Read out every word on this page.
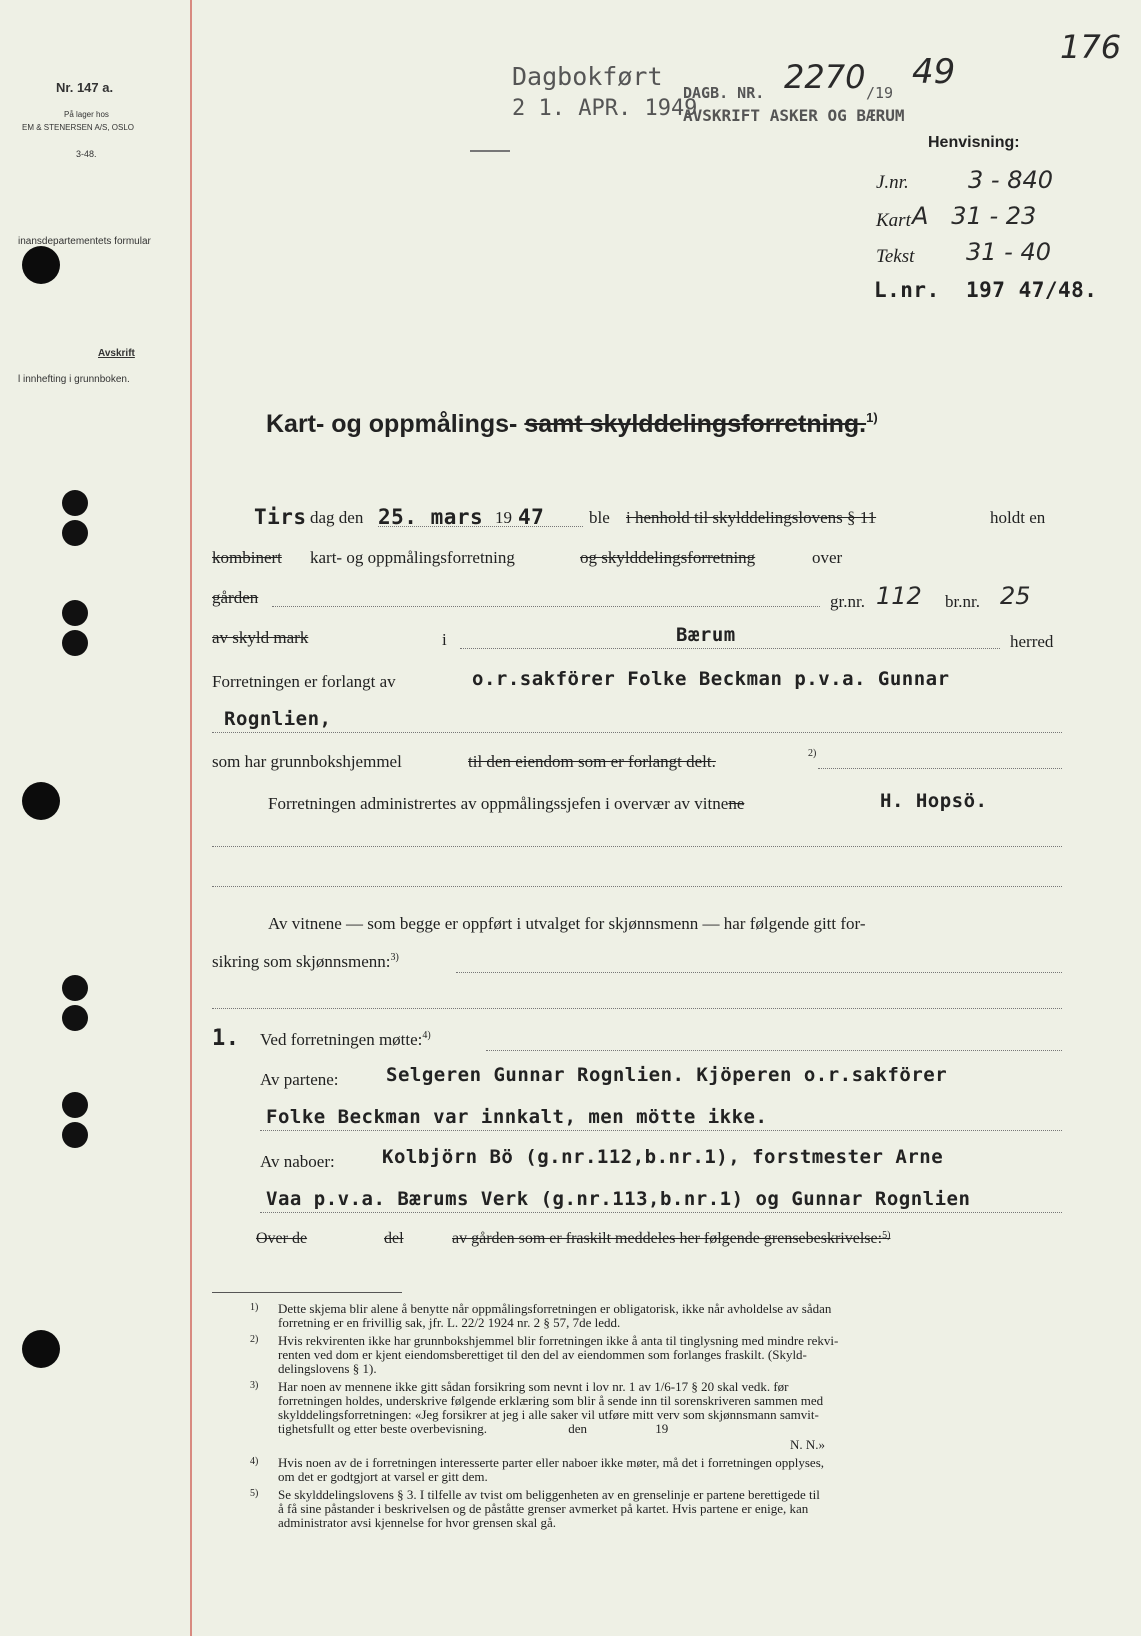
Nr. 147 a.
På lager hos
EM & STENERSEN A/S, OSLO
3-48.
inansdepartementets formular
Avskrift
l innhefting i grunnboken.
176
Dagbokført
2 1. APR. 1949
DAGB. NR. 2270 /19
49
AVSKRIFT ASKER OG BÆRUM
Henvisning:
J.nr. 3 - 840
Kart A   31 - 23
Tekst 31 - 40
L.nr. 197 47/48.
Kart- og oppmålings- samt skylddelingsforretning.$^{1)}$
Tirs dag den 25. mars 19 47	ble i henhold til skylddelingslovens § 11	holdt en
kombinert kart- og oppmålingsforretning	og skylddelingsforretning	over
gården	gr.nr. 112 br.nr. 25
av skyld mark	i	Bærum	herred
Forretningen er forlangt av	o.r.sakförer Folke Beckman p.v.a. Gunnar
Rognlien,
som har grunnbokshjemmel	til den eiendom som er forlangt delt.	2)
Forretningen administrertes av oppmålingssjefen i overvær av vitnene	H. Hopsö.
Av vitnene — som begge er oppført i utvalget for skjønnsmenn — har følgende gitt for-
sikring som skjønnsmenn:$^{3)}$
1. Ved forretningen møtte:$^{4)}$
Av partene: Selgeren Gunnar Rognlien. Kjöperen o.r.sakförer
Folke Beckman var innkalt, men mötte ikke.
Av naboer: Kolbjörn Bö (g.nr.112,b.nr.1), forstmester Arne
Vaa p.v.a. Bærums Verk (g.nr.113,b.nr.1) og Gunnar Rognlien
Over de	del	av gården som er fraskilt meddeles her følgende grensebeskrivelse:$^{5)}$
1) Dette skjema blir alene å benytte når oppmålingsforretningen er obligatorisk, ikke når avholdelse av sådan
forretning er en frivillig sak, jfr. L. 22/2 1924 nr. 2 § 57, 7de ledd.
2) Hvis rekvirenten ikke har grunnbokshjemmel blir forretningen ikke å anta til tinglysning med mindre rekvi-
renten ved dom er kjent eiendomsberettiget til den del av eiendommen som forlanges fraskilt. (Skyld-
delingslovens § 1).
3) Har noen av mennene ikke gitt sådan forsikring som nevnt i lov nr. 1 av 1/6-17 § 20 skal vedk. før
forretningen holdes, underskrive følgende erklæring som blir å sende inn til sorenskriveren sammen med
skylddelingsforretningen: «Jeg forsikrer at jeg i alle saker vil utføre mitt verv som skjønnsmann samvit-
tighetsfullt og etter beste overbevisning.                         den                     19
N. N.»
4) Hvis noen av de i forretningen interesserte parter eller naboer ikke møter, må det i forretningen opplyses,
om det er godtgjort at varsel er gitt dem.
5) Se skylddelingslovens § 3. I tilfelle av tvist om beliggenheten av en grenselinje er partene berettigede til
å få sine påstander i beskrivelsen og de påståtte grenser avmerket på kartet. Hvis partene er enige, kan
administrator avsi kjennelse for hvor grensen skal gå.
